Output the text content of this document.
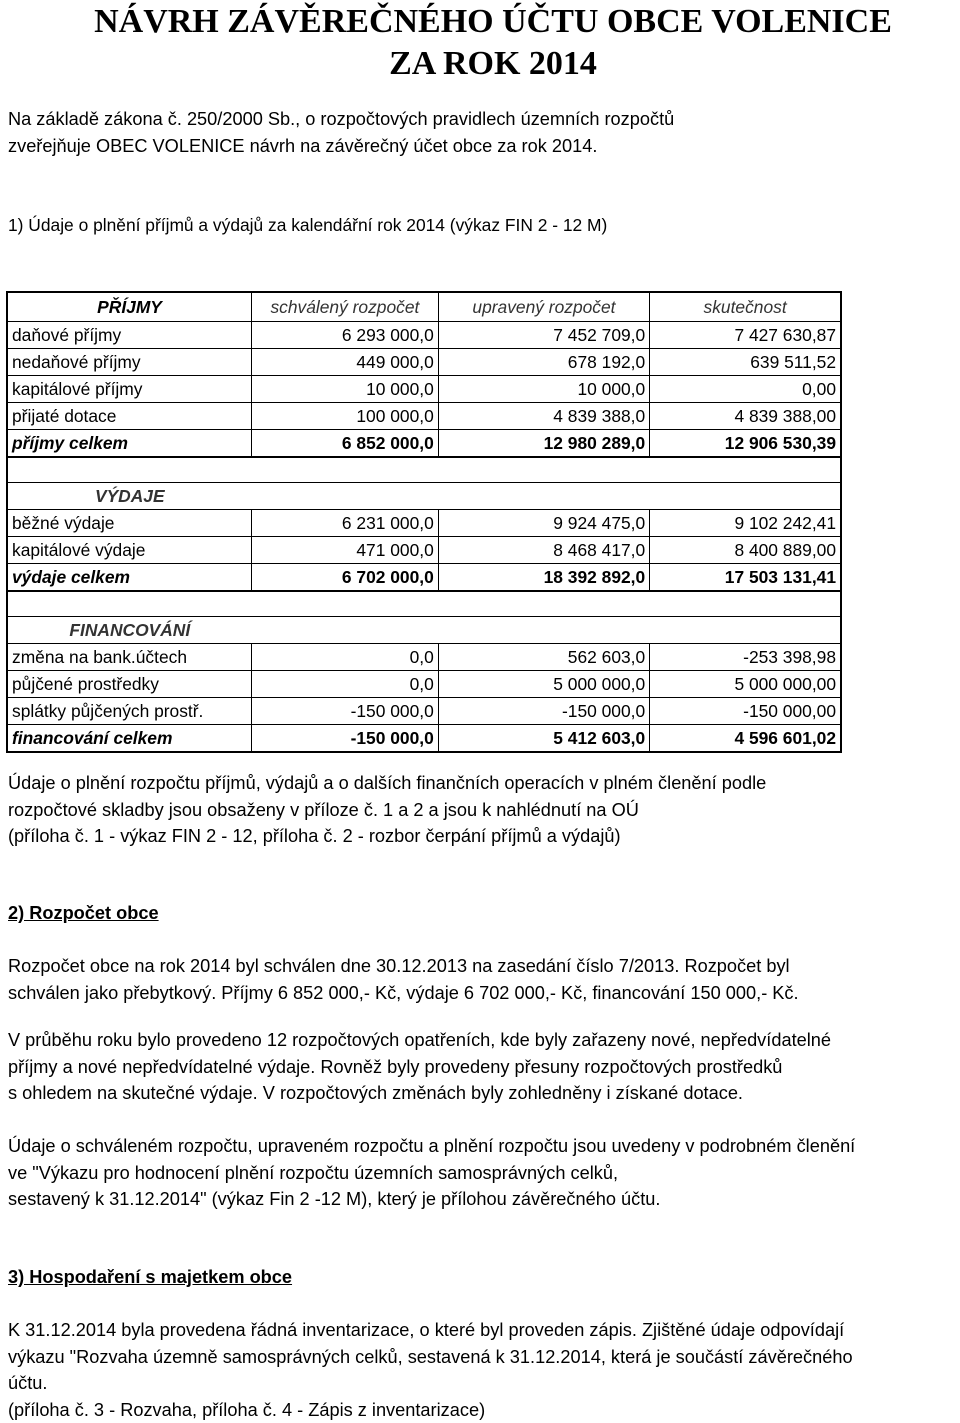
NÁVRH ZÁVĚREČNÉHO ÚČTU OBCE VOLENICE
ZA ROK 2014
Na základě zákona č. 250/2000 Sb., o rozpočtových pravidlech územních rozpočtů
zveřejňuje OBEC VOLENICE návrh na závěrečný účet obce za rok 2014.
1) Údaje o plnění příjmů a výdajů za kalendářní rok 2014 (výkaz FIN 2 - 12 M)
PŘÍJMY	schválený rozpočet	upravený rozpočet	skutečnost
daňové příjmy	6 293 000,0	7 452 709,0	7 427 630,87
nedaňové příjmy	449 000,0	678 192,0	639 511,52
kapitálové příjmy	10 000,0	10 000,0	0,00
přijaté dotace	100 000,0	4 839 388,0	4 839 388,00
příjmy celkem	6 852 000,0	12 980 289,0	12 906 530,39

VÝDAJE			
běžné výdaje	6 231 000,0	9 924 475,0	9 102 242,41
kapitálové výdaje	471 000,0	8 468 417,0	8 400 889,00
výdaje celkem	6 702 000,0	18 392 892,0	17 503 131,41

FINANCOVÁNÍ			
změna na bank.účtech	0,0	562 603,0	-253 398,98
půjčené prostředky	0,0	5 000 000,0	5 000 000,00
splátky půjčených prostř.	-150 000,0	-150 000,0	-150 000,00
financování celkem	-150 000,0	5 412 603,0	4 596 601,02
Údaje o plnění rozpočtu příjmů, výdajů a o dalších finančních operacích v plném členění podle
rozpočtové skladby jsou obsaženy v příloze č. 1 a 2 a jsou k nahlédnutí na OÚ
(příloha č. 1 - výkaz FIN 2 - 12, příloha č. 2 - rozbor čerpání příjmů a výdajů)
2) Rozpočet obce
Rozpočet obce na rok 2014 byl schválen dne 30.12.2013 na zasedání číslo 7/2013. Rozpočet byl
schválen jako přebytkový. Příjmy 6 852 000,- Kč, výdaje 6 702 000,- Kč, financování 150 000,- Kč.
V průběhu roku bylo provedeno 12 rozpočtových opatřeních, kde byly zařazeny nové, nepředvídatelné
příjmy a nové nepředvídatelné výdaje. Rovněž byly provedeny přesuny rozpočtových prostředků
s ohledem na skutečné výdaje. V rozpočtových změnách byly zohledněny i získané dotace.
Údaje o schváleném rozpočtu, upraveném rozpočtu a plnění rozpočtu jsou uvedeny v podrobném členění
ve "Výkazu pro hodnocení plnění rozpočtu územních samosprávných celků,
sestavený k 31.12.2014" (výkaz Fin 2 -12 M), který je přílohou závěrečného účtu.
3) Hospodaření s majetkem obce
K 31.12.2014 byla provedena řádná inventarizace, o které byl proveden zápis. Zjištěné údaje odpovídají
výkazu "Rozvaha územně samosprávných celků, sestavená k 31.12.2014, která je součástí závěrečného
účtu.
(příloha č. 3 - Rozvaha, příloha č. 4 - Zápis z inventarizace)
